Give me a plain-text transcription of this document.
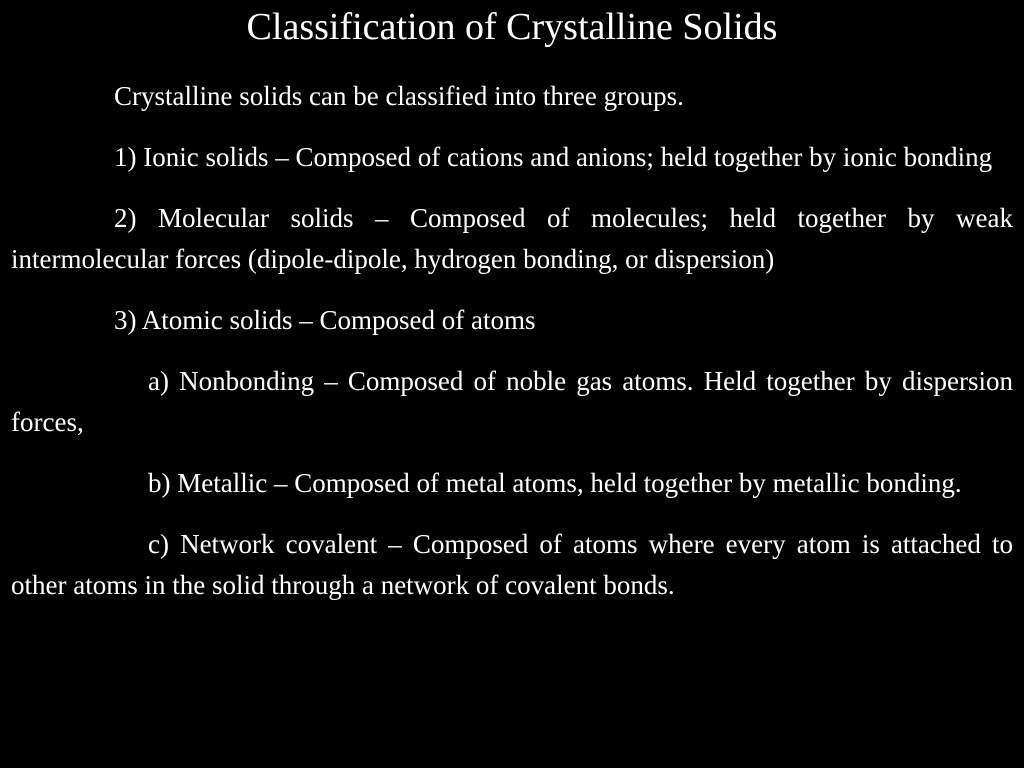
Classification of Crystalline Solids

Crystalline solids can be classified into three groups.

1) Ionic solids – Composed of cations and anions; held together by ionic bonding

2) Molecular solids – Composed of molecules; held together by weak intermolecular forces (dipole-dipole, hydrogen bonding, or dispersion)

3) Atomic solids – Composed of atoms

a) Nonbonding – Composed of noble gas atoms. Held together by dispersion forces,

b) Metallic – Composed of metal atoms, held together by metallic bonding.

c) Network covalent – Composed of atoms where every atom is attached to other atoms in the solid through a network of covalent bonds.
